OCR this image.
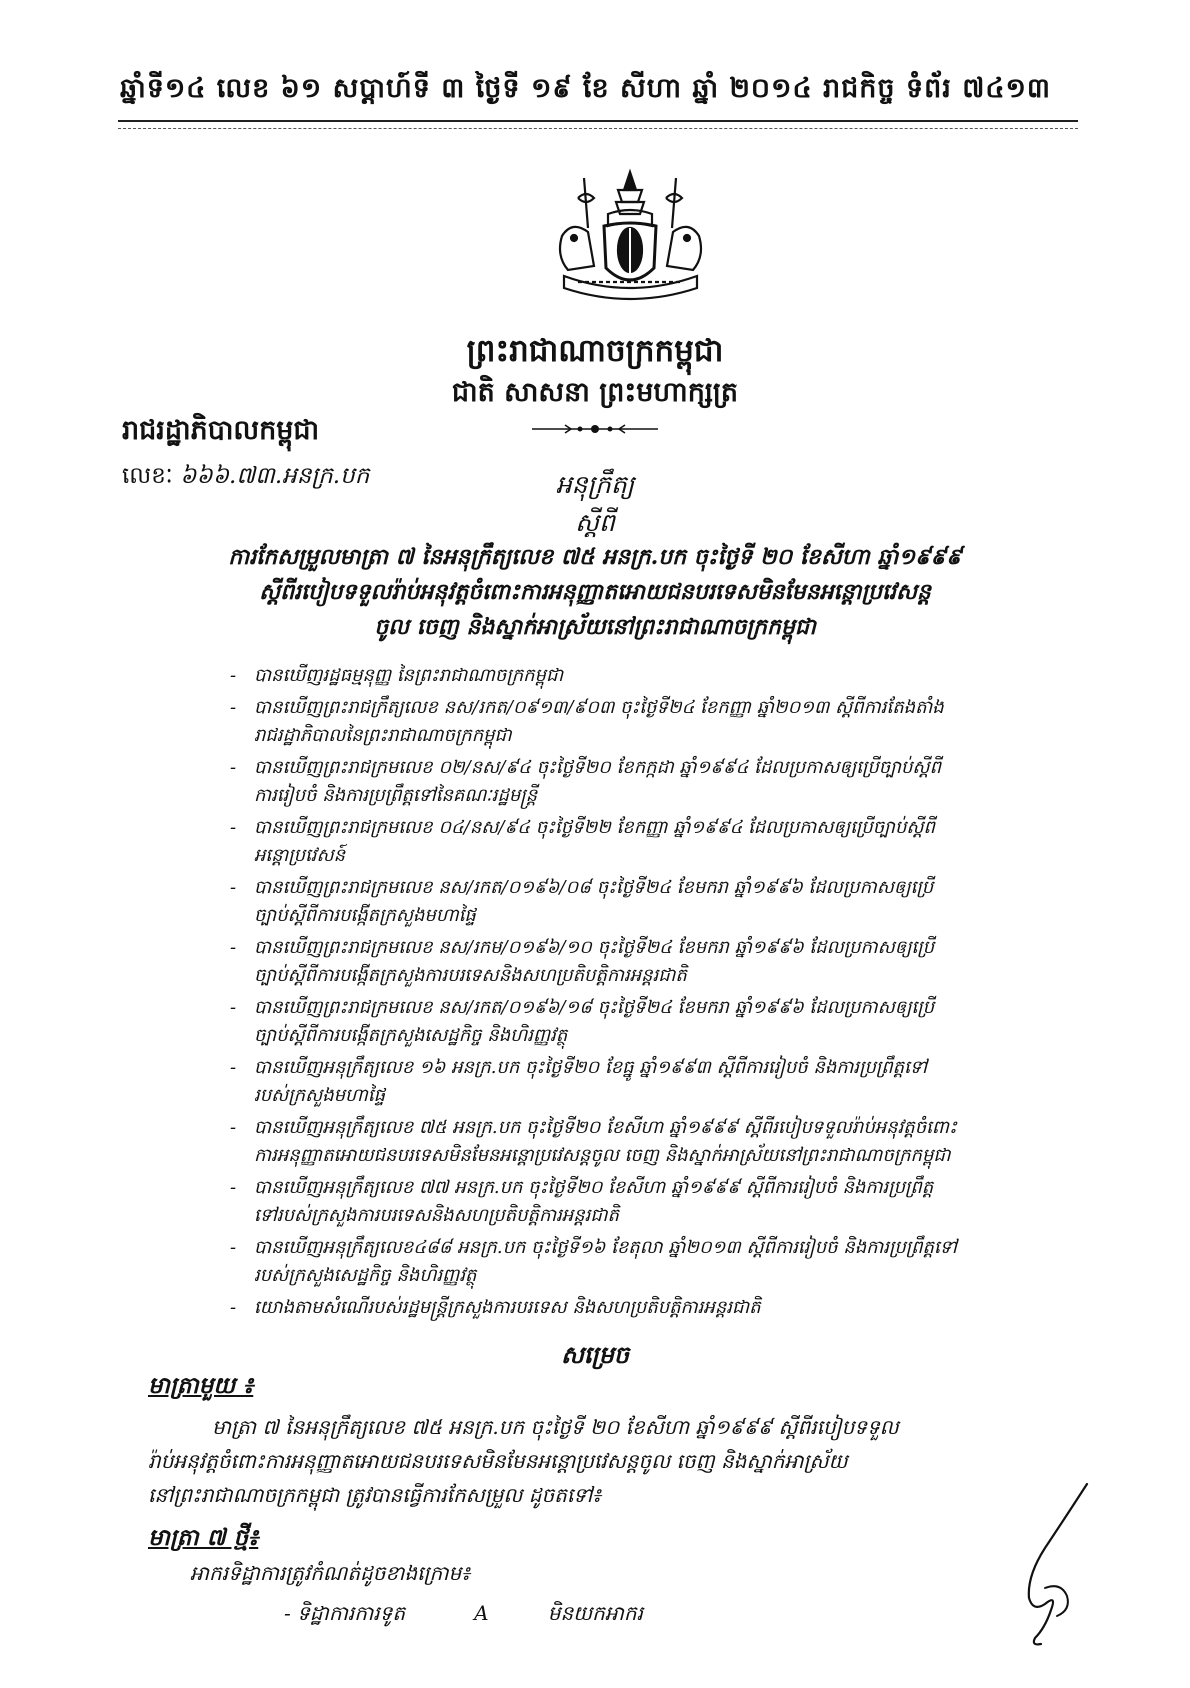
ឆ្នាំទី១៤ លេខ ៦១ សប្តាហ៍ទី ៣ ថ្ងៃទី ១៩ ខែ សីហា ឆ្នាំ ២០១៤ រាជកិច្ច ទំព័រ ៧៤១៣
ព្រះរាជាណាចក្រកម្ពុជា
ជាតិ សាសនា ព្រះមហាក្សត្រ
រាជរដ្ឋាភិបាលកម្ពុជា
លេខៈ ៦៦៦.៧៣.អនក្រ.បក	អនុក្រឹត្យ
ស្តីពី
ការកែសម្រួលមាត្រា ៧ នៃអនុក្រឹត្យលេខ ៧៥ អនក្រ.បក ចុះថ្ងៃទី ២០ ខែសីហា ឆ្នាំ១៩៩៩
ស្តីពីរបៀបទទួលរ៉ាប់អនុវត្តចំពោះការអនុញ្ញាតអោយជនបរទេសមិនមែនអន្តោប្រវេសន្ត
ចូល ចេញ និងស្នាក់អាស្រ័យនៅព្រះរាជាណាចក្រកម្ពុជា
- បានឃើញរដ្ឋធម្មនុញ្ញ នៃព្រះរាជាណាចក្រកម្ពុជា
- បានឃើញព្រះរាជក្រឹត្យលេខ នស/រកត/០៩១៣/៩០៣ ចុះថ្ងៃទី២៤ ខែកញ្ញា ឆ្នាំ២០១៣ ស្តីពីការតែងតាំង
រាជរដ្ឋាភិបាលនៃព្រះរាជាណាចក្រកម្ពុជា
- បានឃើញព្រះរាជក្រមលេខ ០២/នស/៩៤ ចុះថ្ងៃទី២០ ខែកក្កដា ឆ្នាំ១៩៩៤ ដែលប្រកាសឲ្យប្រើច្បាប់ស្តីពី
ការរៀបចំ និងការប្រព្រឹត្តទៅនៃគណៈរដ្ឋមន្ត្រី
- បានឃើញព្រះរាជក្រមលេខ ០៤/នស/៩៤ ចុះថ្ងៃទី២២ ខែកញ្ញា ឆ្នាំ១៩៩៤ ដែលប្រកាសឲ្យប្រើច្បាប់ស្តីពី
អន្តោប្រវេសន៍
- បានឃើញព្រះរាជក្រមលេខ នស/រកត/០១៩៦/០៨ ចុះថ្ងៃទី២៤ ខែមករា ឆ្នាំ១៩៩៦ ដែលប្រកាសឲ្យប្រើ
ច្បាប់ស្តីពីការបង្កើតក្រសួងមហាផ្ទៃ
- បានឃើញព្រះរាជក្រមលេខ នស/រកម/០១៩៦/១០ ចុះថ្ងៃទី២៤ ខែមករា ឆ្នាំ១៩៩៦ ដែលប្រកាសឲ្យប្រើ
ច្បាប់ស្តីពីការបង្កើតក្រសួងការបរទេសនិងសហប្រតិបត្តិការអន្តរជាតិ
- បានឃើញព្រះរាជក្រមលេខ នស/រកត/០១៩៦/១៨ ចុះថ្ងៃទី២៤ ខែមករា ឆ្នាំ១៩៩៦ ដែលប្រកាសឲ្យប្រើ
ច្បាប់ស្តីពីការបង្កើតក្រសួងសេដ្ឋកិច្ច និងហិរញ្ញវត្ថុ
- បានឃើញអនុក្រឹត្យលេខ ១៦ អនក្រ.បក ចុះថ្ងៃទី២០ ខែធ្នូ ឆ្នាំ១៩៩៣ ស្តីពីការរៀបចំ និងការប្រព្រឹត្តទៅ
របស់ក្រសួងមហាផ្ទៃ
- បានឃើញអនុក្រឹត្យលេខ ៧៥ អនក្រ.បក ចុះថ្ងៃទី២០ ខែសីហា ឆ្នាំ១៩៩៩ ស្តីពីរបៀបទទួលរ៉ាប់អនុវត្តចំពោះ
ការអនុញ្ញាតអោយជនបរទេសមិនមែនអន្តោប្រវេសន្តចូល ចេញ និងស្នាក់អាស្រ័យនៅព្រះរាជាណាចក្រកម្ពុជា
- បានឃើញអនុក្រឹត្យលេខ ៧៧ អនក្រ.បក ចុះថ្ងៃទី២០ ខែសីហា ឆ្នាំ១៩៩៩ ស្តីពីការរៀបចំ និងការប្រព្រឹត្ត
ទៅរបស់ក្រសួងការបរទេសនិងសហប្រតិបត្តិការអន្តរជាតិ
- បានឃើញអនុក្រឹត្យលេខ៤៨៨ អនក្រ.បក ចុះថ្ងៃទី១៦ ខែតុលា ឆ្នាំ២០១៣ ស្តីពីការរៀបចំ និងការប្រព្រឹត្តទៅ
របស់ក្រសួងសេដ្ឋកិច្ច និងហិរញ្ញវត្ថុ
- យោងតាមសំណើរបស់រដ្ឋមន្ត្រីក្រសួងការបរទេស និងសហប្រតិបត្តិការអន្តរជាតិ
សម្រេច
មាត្រាមួយ ៖
មាត្រា ៧ នៃអនុក្រឹត្យលេខ ៧៥ អនក្រ.បក ចុះថ្ងៃទី ២០ ខែសីហា ឆ្នាំ១៩៩៩ ស្តីពីរបៀបទទួល
រ៉ាប់អនុវត្តចំពោះការអនុញ្ញាតអោយជនបរទេសមិនមែនអន្តោប្រវេសន្តចូល ចេញ និងស្នាក់អាស្រ័យ
នៅព្រះរាជាណាចក្រកម្ពុជា ត្រូវបានធ្វើការកែសម្រួល ដូចតទៅ៖
មាត្រា ៧ ថ្មី៖
អាករទិដ្ឋាការត្រូវកំណត់ដូចខាងក្រោម៖
- ទិដ្ឋាការការទូត	A	មិនយកអាករ
